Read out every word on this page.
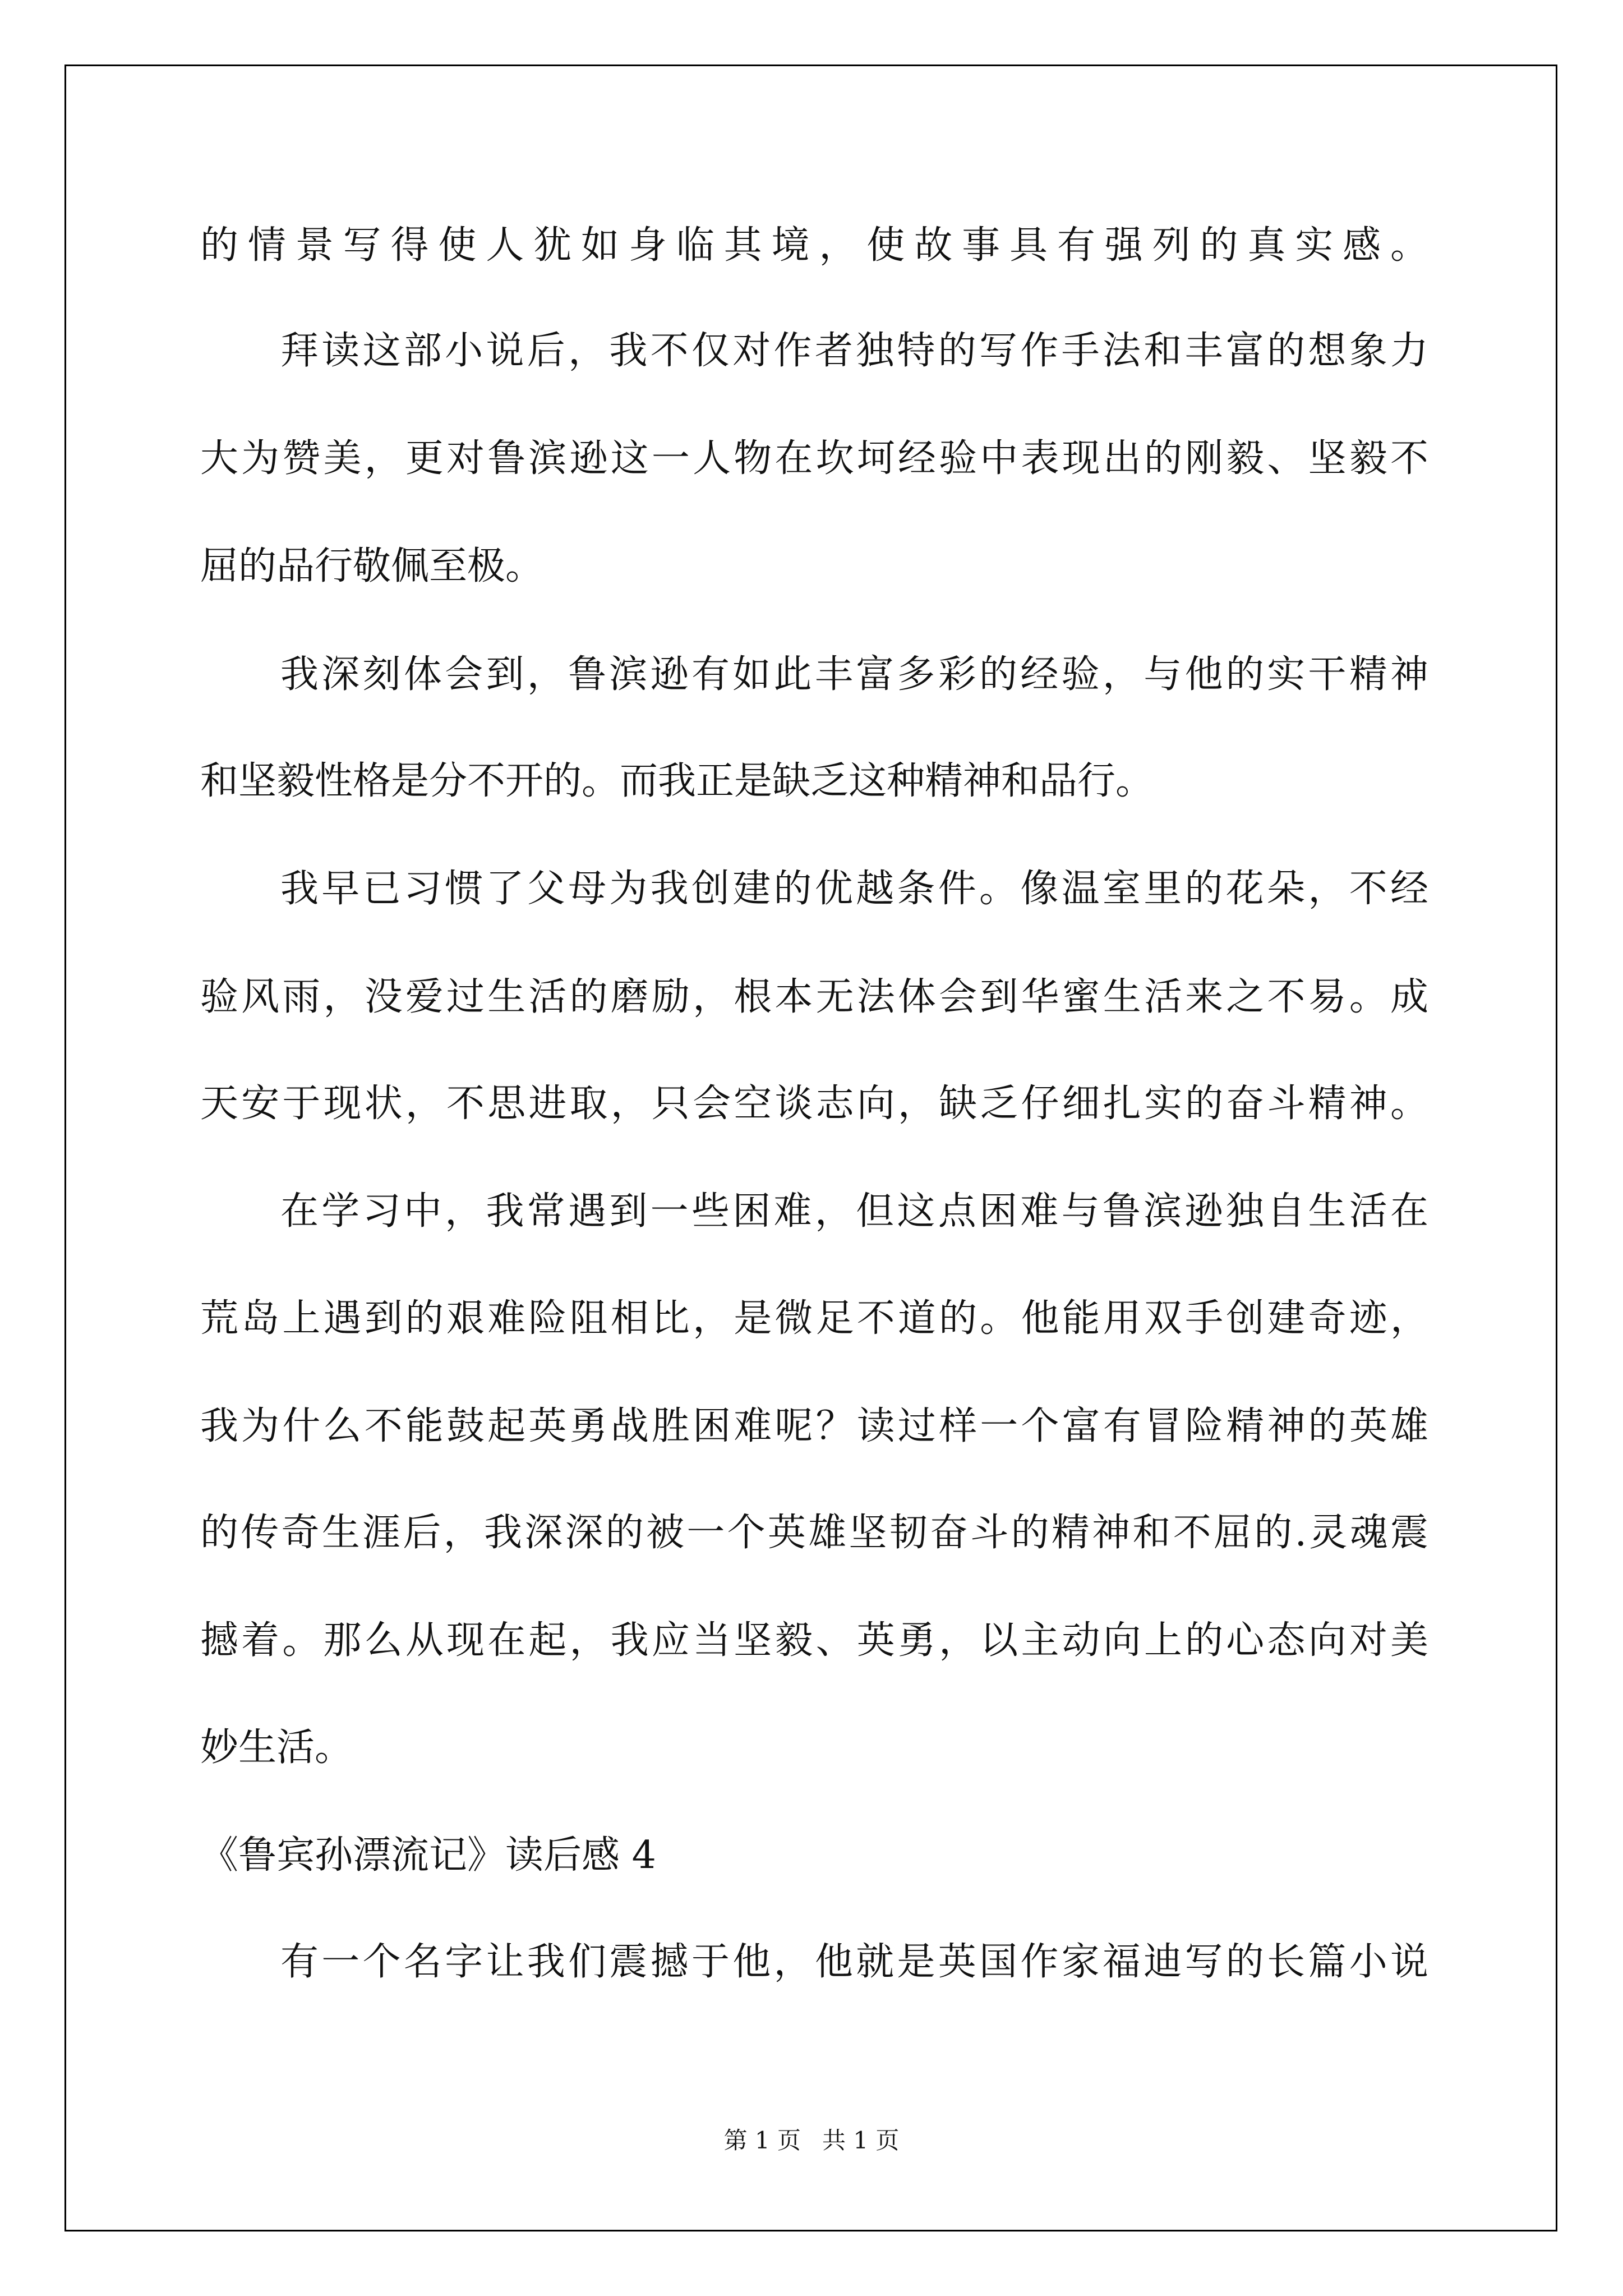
的情景写得使人犹如身临其境，使故事具有强列的真实感。

拜读这部小说后，我不仅对作者独特的写作手法和丰富的想象力

大为赞美，更对鲁滨逊这一人物在坎坷经验中表现出的刚毅、坚毅不

屈的品行敬佩至极。

我深刻体会到，鲁滨逊有如此丰富多彩的经验，与他的实干精神

和坚毅性格是分不开的。而我正是缺乏这种精神和品行。

我早已习惯了父母为我创建的优越条件。像温室里的花朵，不经

验风雨，没爱过生活的磨励，根本无法体会到华蜜生活来之不易。成

天安于现状，不思进取，只会空谈志向，缺乏仔细扎实的奋斗精神。

在学习中，我常遇到一些困难，但这点困难与鲁滨逊独自生活在

荒岛上遇到的艰难险阻相比，是微足不道的。他能用双手创建奇迹，

我为什么不能鼓起英勇战胜困难呢？读过样一个富有冒险精神的英雄

的传奇生涯后，我深深的被一个英雄坚韧奋斗的精神和不屈的.灵魂震

撼着。那么从现在起，我应当坚毅、英勇，以主动向上的心态向对美

妙生活。

《鲁宾孙漂流记》读后感 4

有一个名字让我们震撼于他，他就是英国作家福迪写的长篇小说

第 1 页 共 1 页
